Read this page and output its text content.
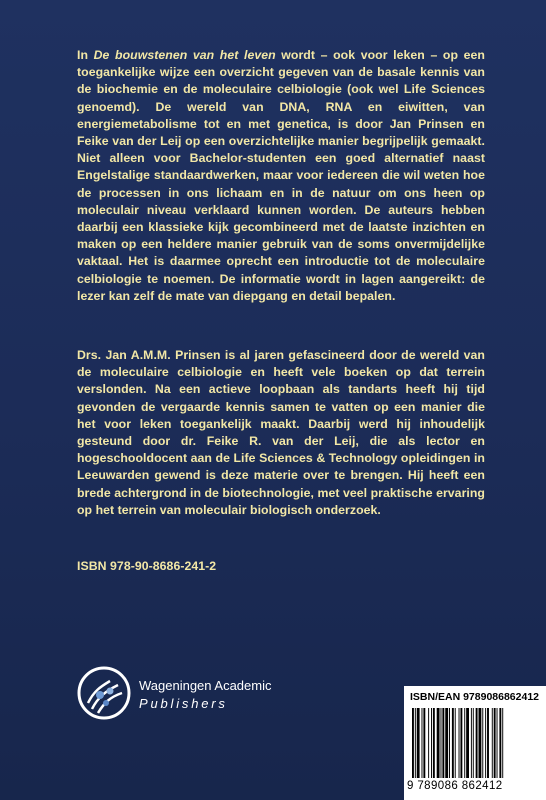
In De bouwstenen van het leven wordt – ook voor leken – op een toegankelijke wijze een overzicht gegeven van de basale kennis van de biochemie en de moleculaire celbiologie (ook wel Life Sciences genoemd). De wereld van DNA, RNA en eiwitten, van energiemetabolisme tot en met genetica, is door Jan Prinsen en Feike van der Leij op een overzichtelijke manier begrijpelijk gemaakt. Niet alleen voor Bachelor-studenten een goed alternatief naast Engelstalige standaardwerken, maar voor iedereen die wil weten hoe de processen in ons lichaam en in de natuur om ons heen op moleculair niveau verklaard kunnen worden. De auteurs hebben daarbij een klassieke kijk gecombineerd met de laatste inzichten en maken op een heldere manier gebruik van de soms onvermijdelijke vaktaal. Het is daarmee oprecht een introductie tot de moleculaire celbiologie te noemen. De informatie wordt in lagen aangereikt: de lezer kan zelf de mate van diepgang en detail bepalen.

Drs. Jan A.M.M. Prinsen is al jaren gefascineerd door de wereld van de moleculaire celbiologie en heeft vele boeken op dat terrein verslonden. Na een actieve loopbaan als tandarts heeft hij tijd gevonden de vergaarde kennis samen te vatten op een manier die het voor leken toegankelijk maakt. Daarbij werd hij inhoudelijk gesteund door dr. Feike R. van der Leij, die als lector en hogeschooldocent aan de Life Sciences & Technology opleidingen in Leeuwarden gewend is deze materie over te brengen. Hij heeft een brede achtergrond in de biotechnologie, met veel praktische ervaring op het terrein van moleculair biologisch onderzoek.

ISBN 978-90-8686-241-2

Wageningen Academic
Publishers	ISBN/EAN 9789086862412
9 789086 862412
